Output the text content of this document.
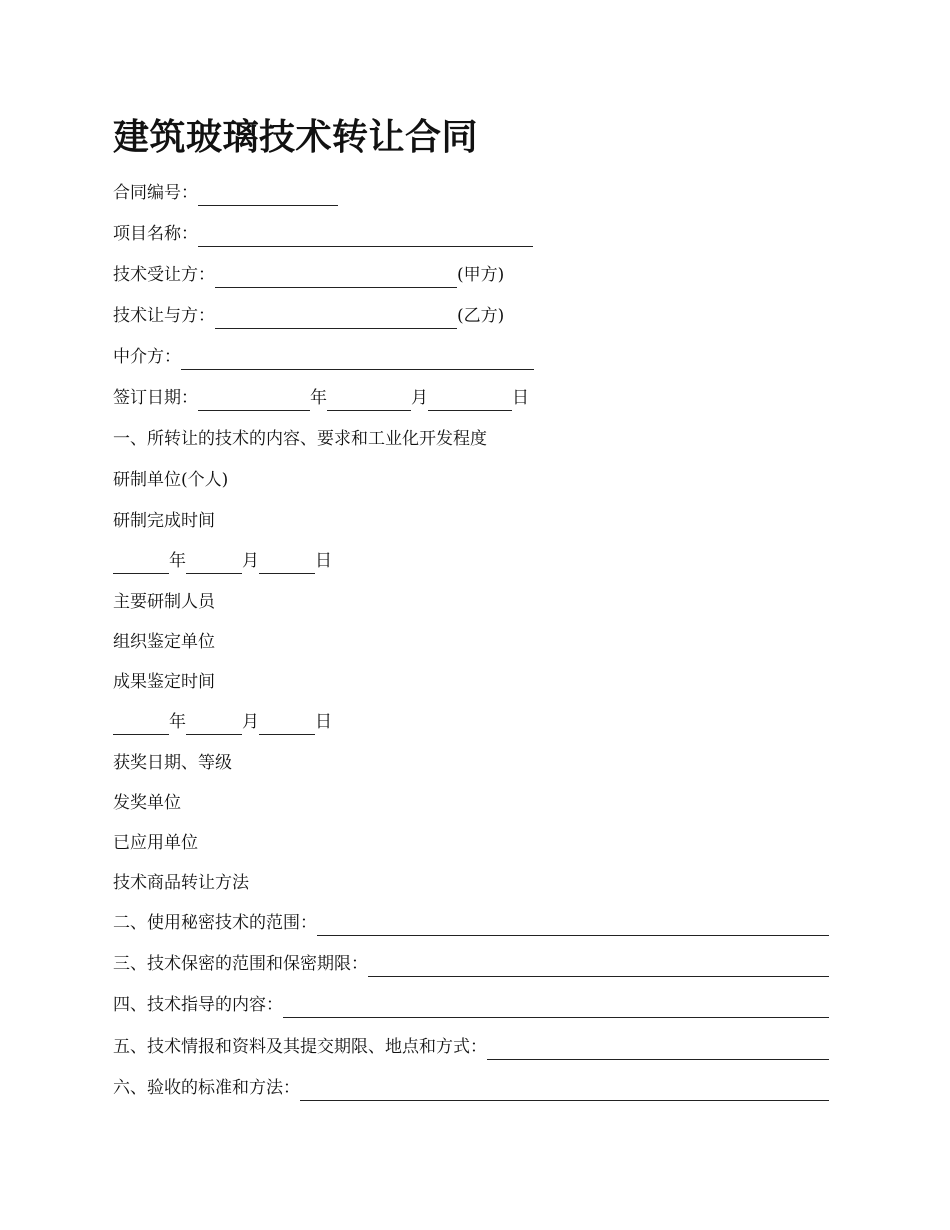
建筑玻璃技术转让合同
合同编号：
项目名称：
技术受让方：	(甲方)
技术让与方：	(乙方)
中介方：
签订日期：	年	月	日
一、所转让的技术的内容、要求和工业化开发程度
研制单位(个人)
研制完成时间
年	月	日
主要研制人员
组织鉴定单位
成果鉴定时间
年	月	日
获奖日期、等级
发奖单位
已应用单位
技术商品转让方法
二、使用秘密技术的范围：
三、技术保密的范围和保密期限：
四、技术指导的内容：
五、技术情报和资料及其提交期限、地点和方式：
六、验收的标准和方法：
